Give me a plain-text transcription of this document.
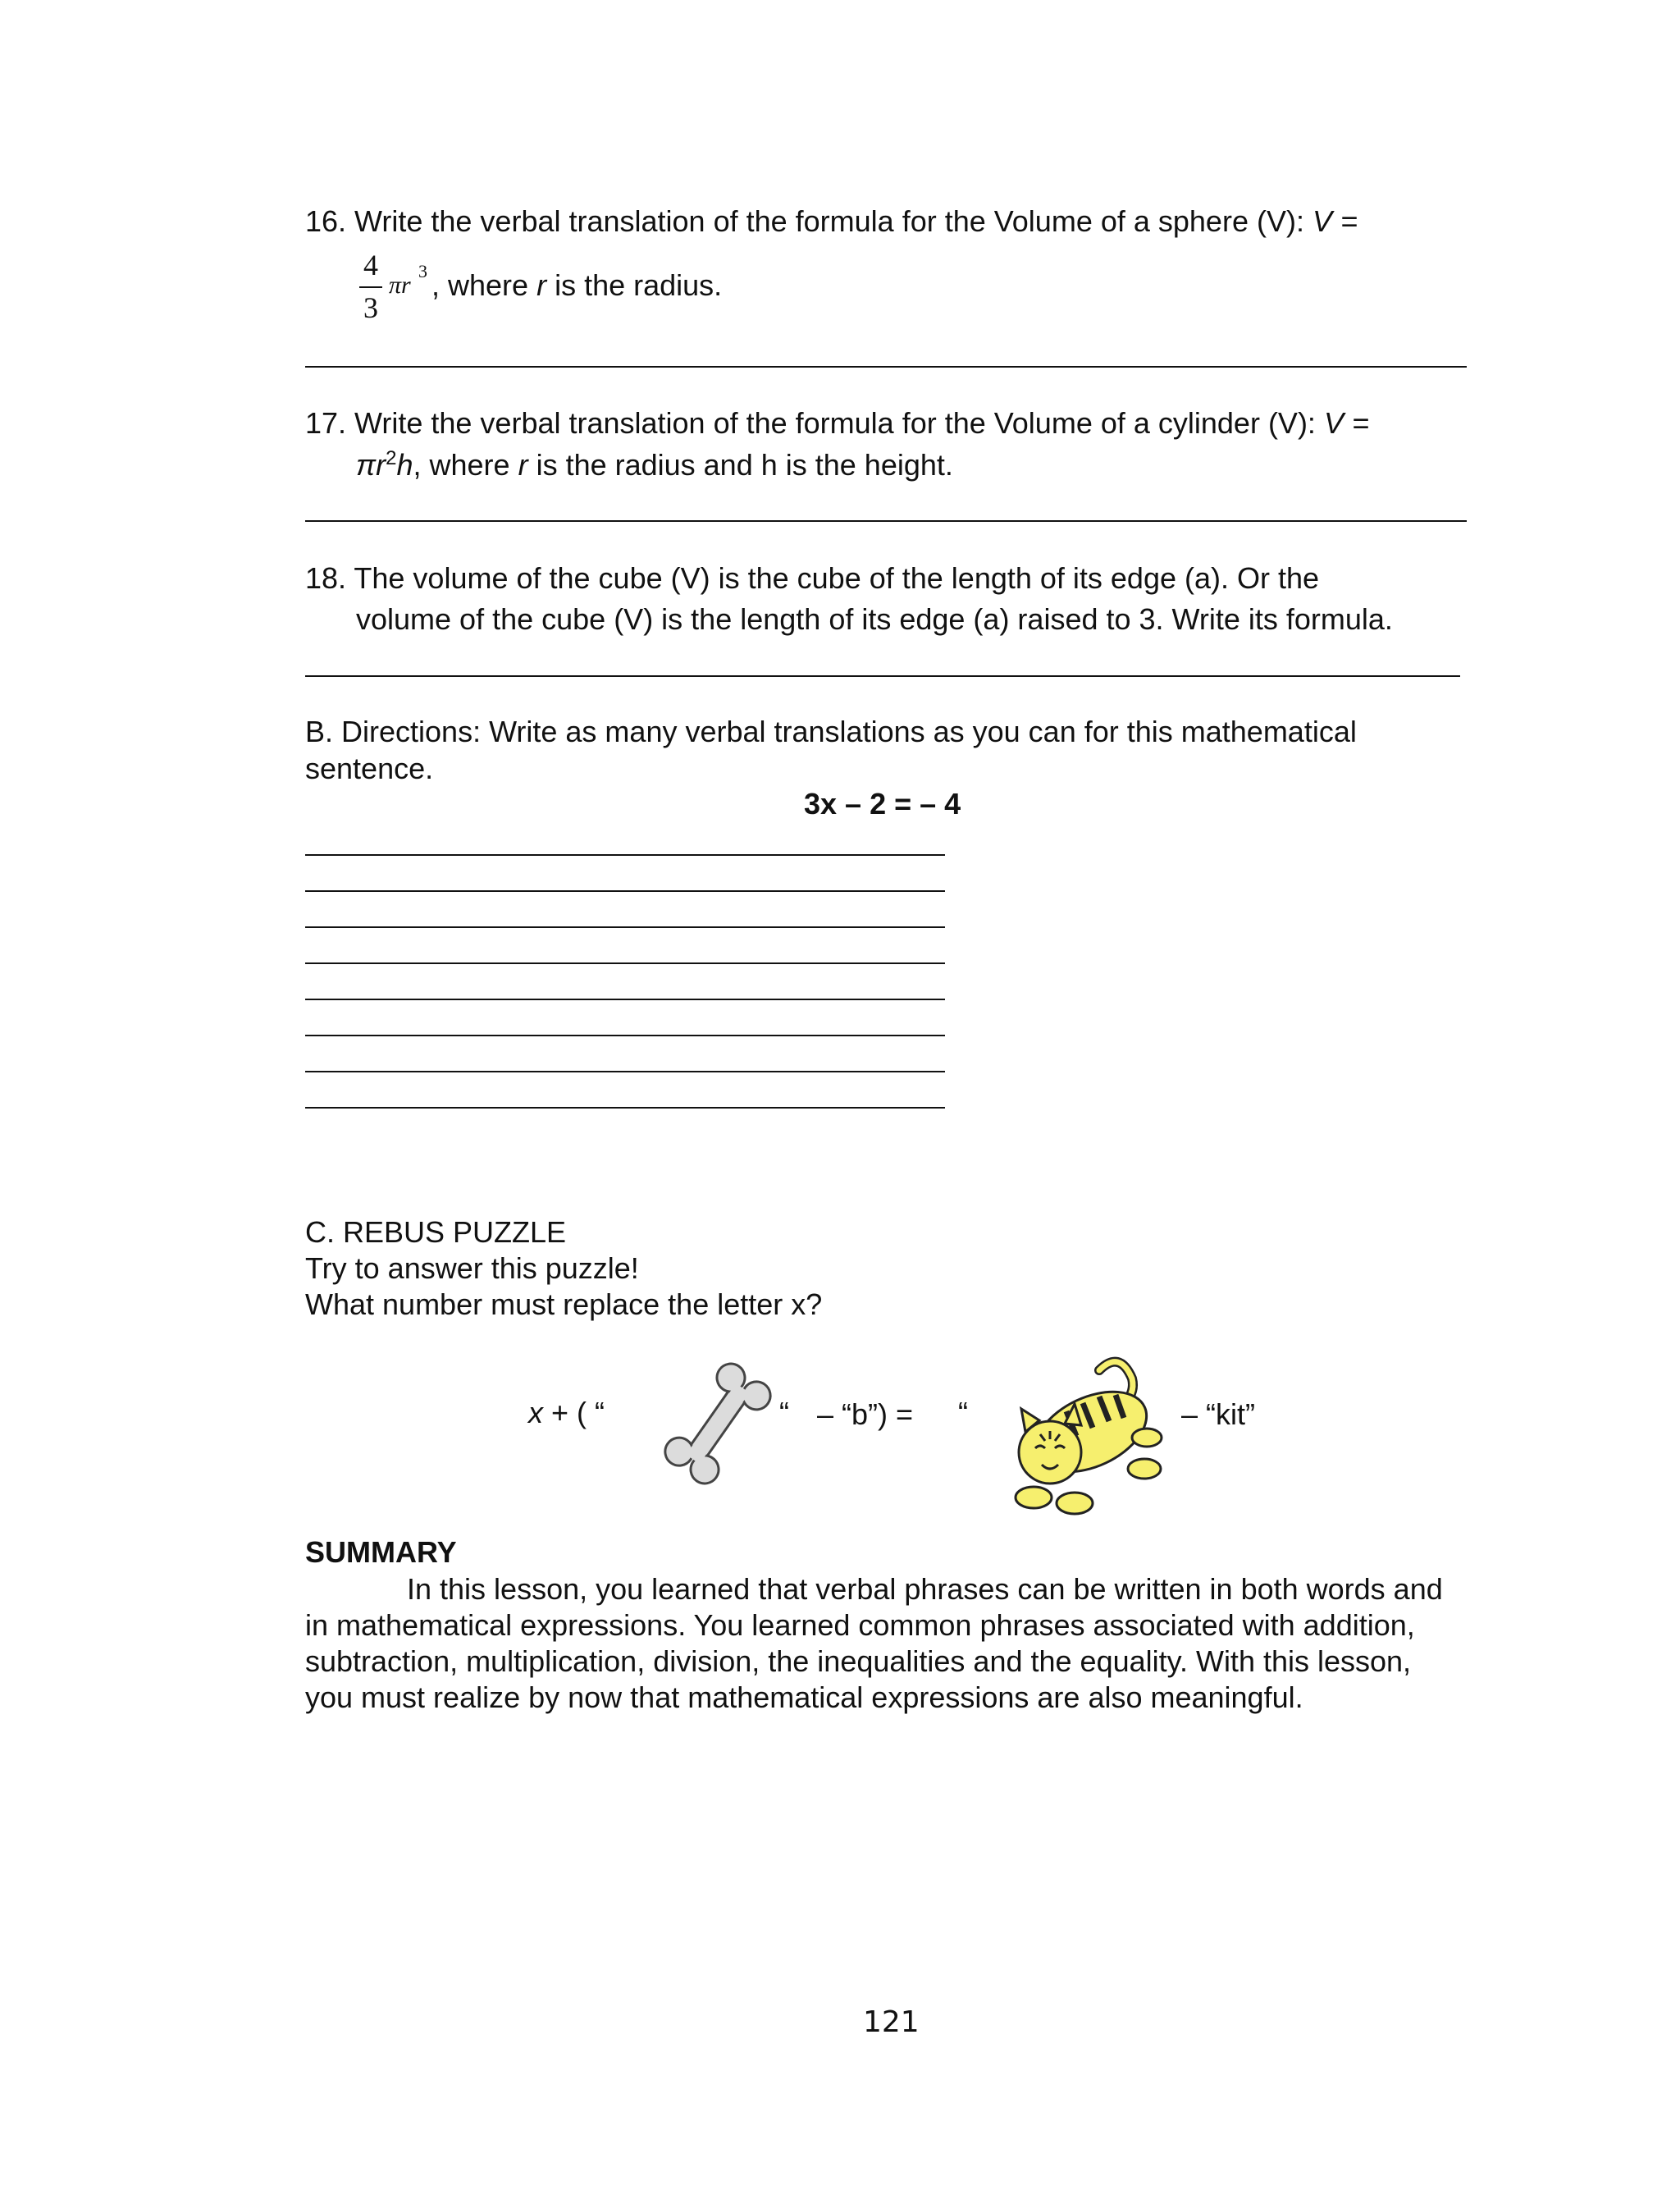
16. Write the verbal translation of the formula for the Volume of a sphere (V): V =
4
3
πr
3 , where r is the radius.
17. Write the verbal translation of the formula for the Volume of a cylinder (V): V =
$\pi r^2h$, where r is the radius and h is the height.
18. The volume of the cube (V) is the cube of the length of its edge (a). Or the
volume of the cube (V) is the length of its edge (a) raised to 3. Write its formula.
B. Directions: Write as many verbal translations as you can for this mathematical
sentence.
3x – 2 = – 4
C. REBUS PUZZLE
Try to answer this puzzle!
What number must replace the letter x?
x + ( “	“ – “b”) = “	– “kit”
SUMMARY
In this lesson, you learned that verbal phrases can be written in both words and in mathematical expressions. You learned common phrases associated with addition, subtraction, multiplication, division, the inequalities and the equality. With this lesson, you must realize by now that mathematical expressions are also meaningful.
121
